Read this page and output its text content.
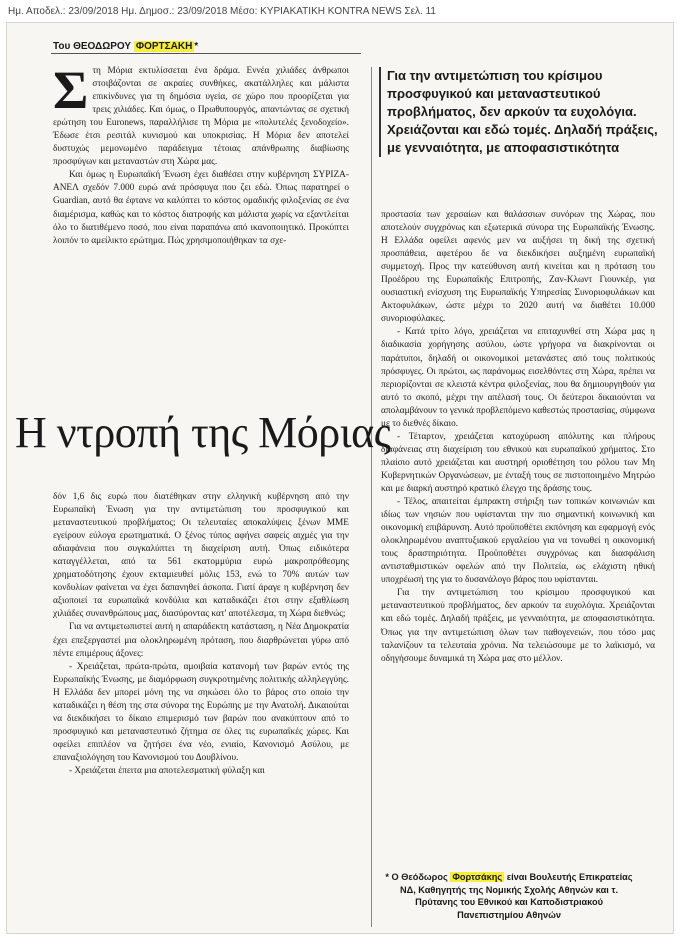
Ημ. Αποδελ.: 23/09/2018 Ημ. Δημοσ.: 23/09/2018 Μέσο: ΚΥΡΙΑΚΑΤΙΚΗ KONTRA NEWS Σελ. 11
Του ΘΕΟΔΩΡΟΥ ΦΟΡΤΣΑΚΗ *

Στη Μόρια εκτυλίσσεται ένα δράμα. Εννέα χιλιάδες άνθρωποι στοιβάζονται σε ακραίες συνθήκες, ακατάλληλες και μάλιστα επικίνδυνες για τη δημόσια υγεία, σε χώρο που προορίζεται για τρεις χιλιάδες. Και όμως, ο Πρωθυπουργός, απαντώντας σε σχετική ερώτηση του Euronews, παραλλήλισε τη Μόρια με «πολυτελές ξενοδοχείο». Έδωσε έτσι ρεσιτάλ κυνισμού και υποκρισίας. Η Μόρια δεν αποτελεί δυστυχώς μεμονωμένο παράδειγμα τέτοιας απάνθρωπης διαβίωσης προσφύγων και μεταναστών στη Χώρα μας.

Και όμως η Ευρωπαϊκή Ένωση έχει διαθέσει στην κυβέρνηση ΣΥΡΙΖΑ-ΑΝΕΛ σχεδόν 7.000 ευρώ ανά πρόσφυγα που ζει εδώ. Όπως παρατηρεί ο Guardian, αυτό θα έφτανε να καλύπτει το κόστος ομαδικής φιλοξενίας σε ένα διαμέρισμα, καθώς και το κόστος διατροφής και μάλιστα χωρίς να εξαντλείται όλο το διατιθέμενο ποσό, που είναι παραπάνω από ικανοποιητικό. Προκύπτει λοιπόν το αμείλικτο ερώτημα. Πώς χρησιμοποιήθηκαν τα σχε-

Η ντροπή της Μόριας
Για την αντιμετώπιση του κρίσιμου προσφυγικού και μεταναστευτικού προβλήματος, δεν αρκούν τα ευχολόγια. Χρειάζονται και εδώ τομές. Δηλαδή πράξεις, με γενναιότητα, με αποφασιστικότητα

δόν 1,6 δις ευρώ που διατέθηκαν στην ελληνική κυβέρνηση από την Ευρωπαϊκή Ένωση για την αντιμετώπιση του προσφυγικού και μεταναστευτικού προβλήματος; Οι τελευταίες αποκαλύψεις ξένων ΜΜΕ εγείρουν εύλογα ερωτηματικά. Ο ξένος τύπος αφήνει σαφείς αιχμές για την αδιαφάνεια που συγκαλύπτει τη διαχείριση αυτή. Όπως ειδικότερα καταγγέλλεται, από τα 561 εκατομμύρια ευρώ μακροπρόθεσμης χρηματοδότησης έχουν εκταμιευθεί μόλις 153, ενώ το 70% αυτών των κονδυλίων φαίνεται να έχει δαπανηθεί άσκοπα. Γιατί άραγε η κυβέρνηση δεν αξιοποιεί τα ευρωπαϊκά κονδύλια και καταδικάζει έτσι στην εξαθλίωση χιλιάδες συνανθρώπους μας, διασύροντας κατ' αποτέλεσμα, τη Χώρα διεθνώς;

Για να αντιμετωπιστεί αυτή η απαράδεκτη κατάσταση, η Νέα Δημοκρατία έχει επεξεργαστεί μια ολοκληρωμένη πρόταση, που διαρθρώνεται γύρω από πέντε επιμέρους άξονες:

- Χρειάζεται, πρώτα-πρώτα, αμοιβαία κατανομή των βαρών εντός της Ευρωπαϊκής Ένωσης, με διαμόρφωση συγκροτημένης πολιτικής αλληλεγγύης. Η Ελλάδα δεν μπορεί μόνη της να σηκώσει όλο το βάρος στο οποίο την καταδικάζει η θέση της στα σύνορα της Ευρώπης με την Ανατολή. Δικαιούται να διεκδικήσει το δίκαιο επιμερισμό των βαρών που ανακύπτουν από το προσφυγικό και μεταναστευτικό ζήτημα σε όλες τις ευρωπαϊκές χώρες. Και οφείλει επιπλέον να ζητήσει ένα νέο, ενιαίο, Κανονισμό Ασύλου, με επαναξιολόγηση του Κανονισμού του Δουβλίνου.

- Χρειάζεται έπειτα μια αποτελεσματική φύλαξη και

προστασία των χερσαίων και θαλάσσιων συνόρων της Χώρας, που αποτελούν συγχρόνως και εξωτερικά σύνορα της Ευρωπαϊκής Ένωσης. Η Ελλάδα οφείλει αφενός μεν να αυξήσει τη δική της σχετική προσπάθεια, αφετέρου δε να διεκδικήσει αυξημένη ευρωπαϊκή συμμετοχή. Προς την κατεύθυνση αυτή κινείται και η πρόταση του Προέδρου της Ευρωπαϊκής Επιτροπής, Ζαν-Κλωντ Γιουνκέρ, για ουσιαστική ενίσχυση της Ευρωπαϊκής Υπηρεσίας Συνοριοφυλάκων και Ακτοφυλάκων, ώστε μέχρι το 2020 αυτή να διαθέτει 10.000 συνοριοφύλακες.

- Κατά τρίτο λόγο, χρειάζεται να επιταχυνθεί στη Χώρα μας η διαδικασία χορήγησης ασύλου, ώστε γρήγορα να διακρίνονται οι παράτυποι, δηλαδή οι οικονομικοί μετανάστες από τους πολιτικούς πρόσφυγες. Οι πρώτοι, ως παράνομως εισελθόντες στη Χώρα, πρέπει να περιορίζονται σε κλειστά κέντρα φιλοξενίας, που θα δημιουργηθούν για αυτό το σκοπό, μέχρι την απέλασή τους. Οι δεύτεροι δικαιούνται να απολαμβάνουν το γενικά προβλεπόμενο καθεστώς προστασίας, σύμφωνα με το διεθνές δίκαιο.

- Τέταρτον, χρειάζεται κατοχύρωση απόλυτης και πλήρους διαφάνειας στη διαχείριση του εθνικού και ευρωπαϊκού χρήματος. Στο πλαίσιο αυτό χρειάζεται και αυστηρή οριοθέτηση του ρόλου των Μη Κυβερνητικών Οργανώσεων, με ένταξή τους σε πιστοποιημένο Μητρώο και με διαρκή αυστηρό κρατικό έλεγχο της δράσης τους.

- Τέλος, απαιτείται έμπρακτη στήριξη των τοπικών κοινωνιών και ιδίως των νησιών που υφίστανται την πιο σημαντική κοινωνική και οικονομική επιβάρυνση. Αυτό προϋποθέτει εκπόνηση και εφαρμογή ενός ολοκληρωμένου αναπτυξιακού εργαλείου για να τονωθεί η οικονομική τους δραστηριότητα. Προϋποθέτει συγχρόνως και διασφάλιση αντισταθμιστικών οφελών από την Πολιτεία, ως ελάχιστη ηθική υποχρέωσή της για το δυσανάλογο βάρος που υφίστανται.

Για την αντιμετώπιση του κρίσιμου προσφυγικού και μεταναστευτικού προβλήματος, δεν αρκούν τα ευχολόγια. Χρειάζονται και εδώ τομές. Δηλαδή πράξεις, με γενναιότητα, με αποφασιστικότητα. Όπως για την αντιμετώπιση όλων των παθογενειών, που τόσο μας ταλανίζουν τα τελευταία χρόνια. Να τελειώσουμε με το λαϊκισμό, να οδηγήσουμε δυναμικά τη Χώρα μας στο μέλλον.

* Ο Θεόδωρος Φορτσάκης είναι Βουλευτής Επικρατείας ΝΔ, Καθηγητής της Νομικής Σχολής Αθηνών και τ. Πρύτανης του Εθνικού και Καποδιστριακού Πανεπιστημίου Αθηνών
